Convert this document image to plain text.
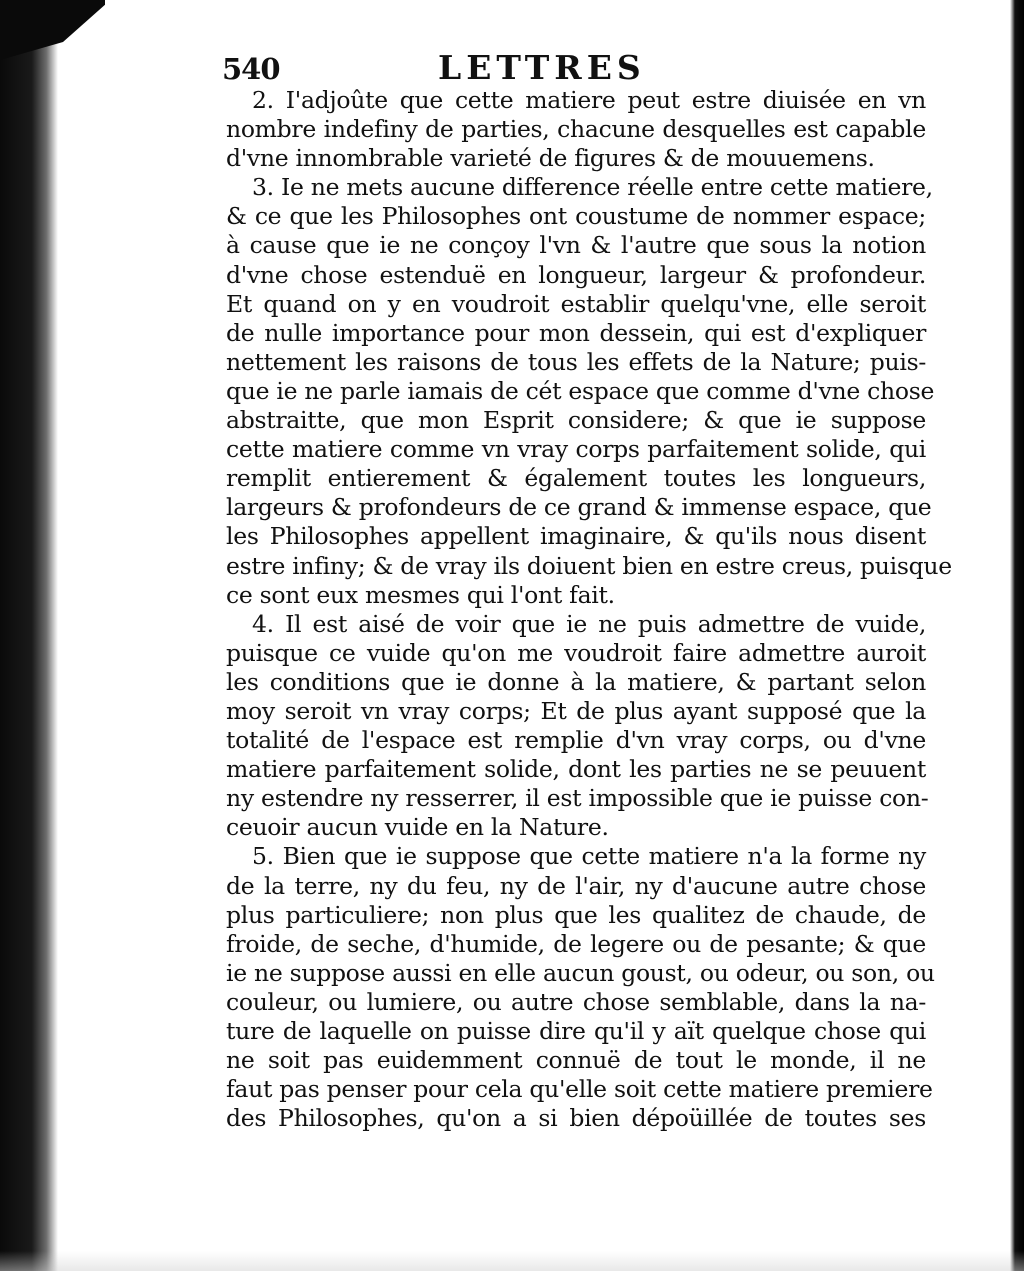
540	LETTRES
2. I'adjoûte que cette matiere peut estre diuisée en vn
nombre indefiny de parties, chacune desquelles est capable
d'vne innombrable varieté de figures & de mouuemens.
3. Ie ne mets aucune difference réelle entre cette matiere,
& ce que les Philosophes ont coustume de nommer espace;
à cause que ie ne conçoy l'vn & l'autre que sous la notion
d'vne chose estenduë en longueur, largeur & profondeur.
Et quand on y en voudroit establir quelqu'vne, elle seroit
de nulle importance pour mon dessein, qui est d'expliquer
nettement les raisons de tous les effets de la Nature; puis-
que ie ne parle iamais de cét espace que comme d'vne chose
abstraitte, que mon Esprit considere; & que ie suppose
cette matiere comme vn vray corps parfaitement solide, qui
remplit entierement & également toutes les longueurs,
largeurs & profondeurs de ce grand & immense espace, que
les Philosophes appellent imaginaire, & qu'ils nous disent
estre infiny; & de vray ils doiuent bien en estre creus, puisque
ce sont eux mesmes qui l'ont fait.
4. Il est aisé de voir que ie ne puis admettre de vuide,
puisque ce vuide qu'on me voudroit faire admettre auroit
les conditions que ie donne à la matiere, & partant selon
moy seroit vn vray corps; Et de plus ayant supposé que la
totalité de l'espace est remplie d'vn vray corps, ou d'vne
matiere parfaitement solide, dont les parties ne se peuuent
ny estendre ny resserrer, il est impossible que ie puisse con-
ceuoir aucun vuide en la Nature.
5. Bien que ie suppose que cette matiere n'a la forme ny
de la terre, ny du feu, ny de l'air, ny d'aucune autre chose
plus particuliere; non plus que les qualitez de chaude, de
froide, de seche, d'humide, de legere ou de pesante; & que
ie ne suppose aussi en elle aucun goust, ou odeur, ou son, ou
couleur, ou lumiere, ou autre chose semblable, dans la na-
ture de laquelle on puisse dire qu'il y aït quelque chose qui
ne soit pas euidemment connuë de tout le monde, il ne
faut pas penser pour cela qu'elle soit cette matiere premiere
des Philosophes, qu'on a si bien dépoüillée de toutes ses
